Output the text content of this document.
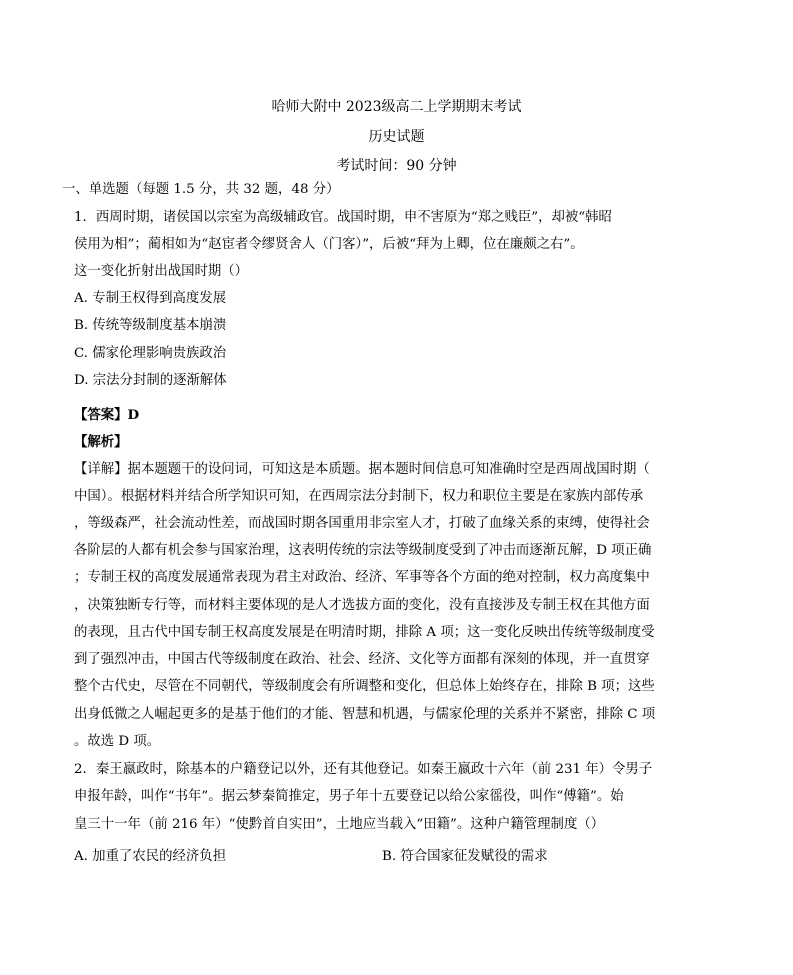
哈师大附中 2023级高二上学期期末考试
历史试题
考试时间：90 分钟
一、单选题（每题 1.5 分，共 32 题，48 分）
1．西周时期，诸侯国以宗室为高级辅政官。战国时期，申不害原为“郑之贱臣”，却被“韩昭
侯用为相”；蔺相如为“赵宦者令缪贤舍人（门客）”，后被“拜为上卿，位在廉颇之右”。
这一变化折射出战国时期（）
A. 专制王权得到高度发展
B. 传统等级制度基本崩溃
C. 儒家伦理影响贵族政治
D. 宗法分封制的逐渐解体
【答案】D
【解析】
【详解】据本题题干的设问词，可知这是本质题。据本题时间信息可知准确时空是西周战国时期（
中国）。根据材料并结合所学知识可知，在西周宗法分封制下，权力和职位主要是在家族内部传承
，等级森严，社会流动性差，而战国时期各国重用非宗室人才，打破了血缘关系的束缚，使得社会
各阶层的人都有机会参与国家治理，这表明传统的宗法等级制度受到了冲击而逐渐瓦解，D 项正确
；专制王权的高度发展通常表现为君主对政治、经济、军事等各个方面的绝对控制，权力高度集中
，决策独断专行等，而材料主要体现的是人才选拔方面的变化，没有直接涉及专制王权在其他方面
的表现，且古代中国专制王权高度发展是在明清时期，排除 A 项；这一变化反映出传统等级制度受
到了强烈冲击，中国古代等级制度在政治、社会、经济、文化等方面都有深刻的体现，并一直贯穿
整个古代史，尽管在不同朝代，等级制度会有所调整和变化，但总体上始终存在，排除 B 项；这些
出身低微之人崛起更多的是基于他们的才能、智慧和机遇，与儒家伦理的关系并不紧密，排除 C 项
。故选 D 项。
2．秦王嬴政时，除基本的户籍登记以外，还有其他登记。如秦王嬴政十六年（前 231 年）令男子
申报年龄，叫作“书年”。据云梦秦简推定，男子年十五要登记以给公家徭役，叫作“傅籍”。始
皇三十一年（前 216 年）“使黔首自实田”，土地应当载入“田籍”。这种户籍管理制度（）
A. 加重了农民的经济负担	B. 符合国家征发赋役的需求
